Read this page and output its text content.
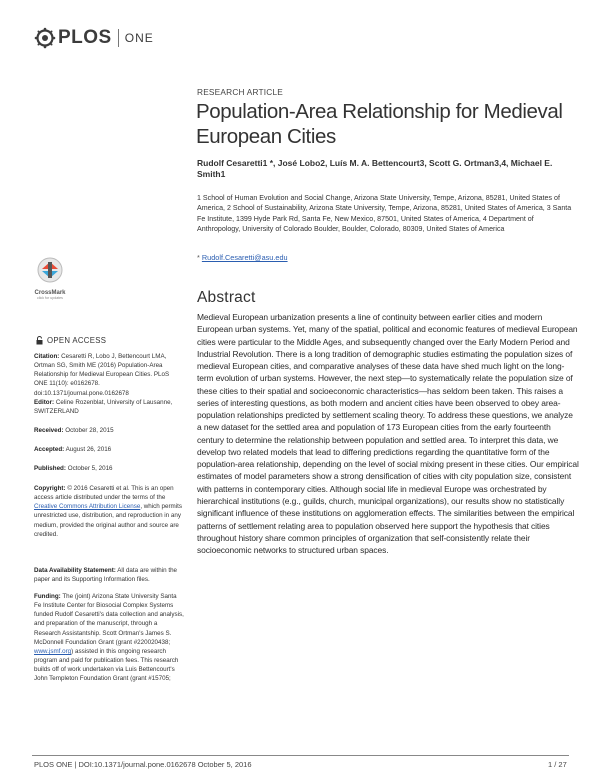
PLOS ONE
RESEARCH ARTICLE
Population-Area Relationship for Medieval European Cities
Rudolf Cesaretti1 *, José Lobo2, Luís M. A. Bettencourt3, Scott G. Ortman3,4, Michael E. Smith1
1 School of Human Evolution and Social Change, Arizona State University, Tempe, Arizona, 85281, United States of America, 2 School of Sustainability, Arizona State University, Tempe, Arizona, 85281, United States of America, 3 Santa Fe Institute, 1399 Hyde Park Rd, Santa Fe, New Mexico, 87501, United States of America, 4 Department of Anthropology, University of Colorado Boulder, Boulder, Colorado, 80309, United States of America
* Rudolf.Cesaretti@asu.edu
CrossMark
click for updates	Abstract
Medieval European urbanization presents a line of continuity between earlier cities and modern European urban systems. Yet, many of the spatial, political and economic features of medieval European cities were particular to the Middle Ages, and subsequently changed over the Early Modern Period and Industrial Revolution. There is a long tradition of demographic studies estimating the population sizes of medieval European cities, and comparative analyses of these data have shed much light on the long-term evolution of urban systems. However, the next step—to systematically relate the population size of these cities to their spatial and socioeconomic characteristics—has seldom been taken. This raises a series of interesting questions, as both modern and ancient cities have been observed to obey area-population relationships predicted by settlement scaling theory. To address these questions, we analyze a new dataset for the settled area and population of 173 European cities from the early fourteenth century to determine the relationship between population and settled area. To interpret this data, we develop two related models that lead to differing predictions regarding the quantitative form of the population-area relationship, depending on the level of social mixing present in these cities. Our empirical estimates of model parameters show a strong densification of cities with city population size, consistent with patterns in contemporary cities. Although social life in medieval Europe was orchestrated by hierarchical institutions (e.g., guilds, church, municipal organizations), our results show no statistically significant influence of these institutions on agglomeration effects. The similarities between the empirical patterns of settlement relating area to population observed here support the hypothesis that cities throughout history share common principles of organization that self-consistently relate their socioeconomic networks to structured urban spaces.
OPEN ACCESS
Citation: Cesaretti R, Lobo J, Bettencourt LMA, Ortman SG, Smith ME (2016) Population-Area Relationship for Medieval European Cities. PLoS ONE 11(10): e0162678. doi:10.1371/journal.pone.0162678
Editor: Celine Rozenblat, University of Lausanne, SWITZERLAND
Received: October 28, 2015
Accepted: August 26, 2016
Published: October 5, 2016
Copyright: © 2016 Cesaretti et al. This is an open access article distributed under the terms of the Creative Commons Attribution License, which permits unrestricted use, distribution, and reproduction in any medium, provided the original author and source are credited.
Data Availability Statement: All data are within the paper and its Supporting Information files.
Funding: The (joint) Arizona State University Santa Fe Institute Center for Biosocial Complex Systems funded Rudolf Cesaretti's data collection and analysis, and preparation of the manuscript, through a Research Assistantship. Scott Ortman's James S. McDonnell Foundation Grant (grant #220020438; www.jsmf.org) assisted in this ongoing research program and paid for publication fees. This research builds off of work undertaken via Luis Bettencourt's John Templeton Foundation Grant (grant #15705;
PLOS ONE | DOI:10.1371/journal.pone.0162678 October 5, 2016	1 / 27
